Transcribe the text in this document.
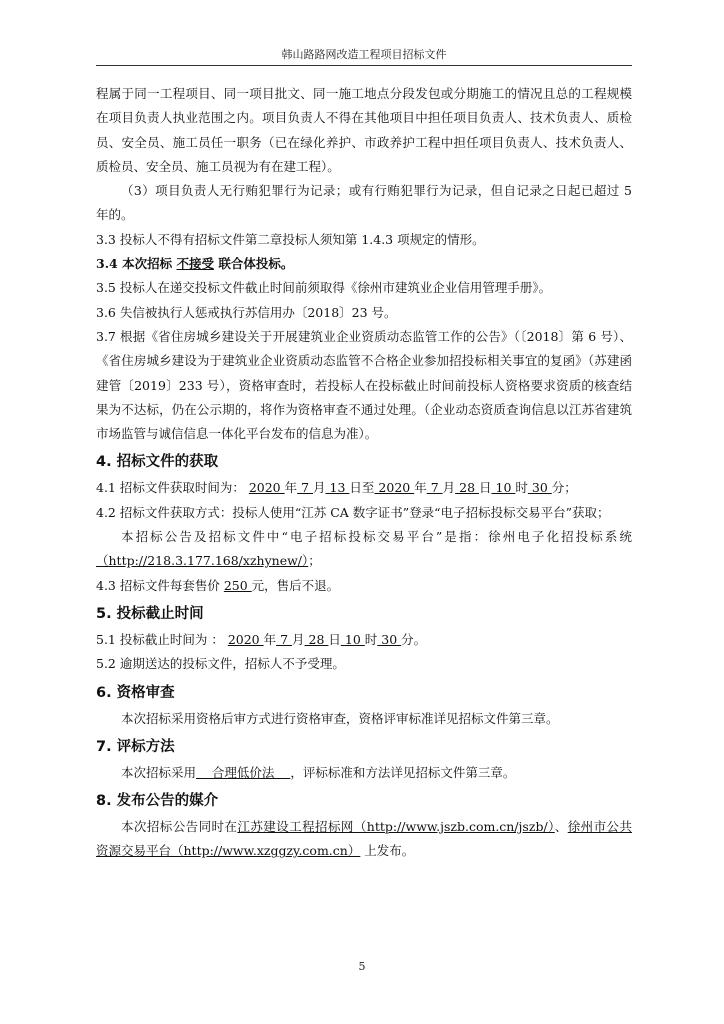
韩山路路网改造工程项目招标文件

程属于同一工程项目、同一项目批文、同一施工地点分段发包或分期施工的情况且总的工程规模在项目负责人执业范围之内。项目负责人不得在其他项目中担任项目负责人、技术负责人、质检员、安全员、施工员任一职务（已在绿化养护、市政养护工程中担任项目负责人、技术负责人、质检员、安全员、施工员视为有在建工程）。

（3）项目负责人无行贿犯罪行为记录；或有行贿犯罪行为记录，但自记录之日起已超过 5 年的。

3.3 投标人不得有招标文件第二章投标人须知第 1.4.3 项规定的情形。

3.4 本次招标 不接受 联合体投标。

3.5 投标人在递交投标文件截止时间前须取得《徐州市建筑业企业信用管理手册》。

3.6 失信被执行人惩戒执行苏信用办〔2018〕23 号。

3.7 根据《省住房城乡建设关于开展建筑业企业资质动态监管工作的公告》（〔2018〕第 6 号）、《省住房城乡建设为于建筑业企业资质动态监管不合格企业参加招投标相关事宜的复函》（苏建函建管〔2019〕233 号），资格审查时，若投标人在投标截止时间前投标人资格要求资质的核查结果为不达标，仍在公示期的，将作为资格审查不通过处理。（企业动态资质查询信息以江苏省建筑市场监管与诚信信息一体化平台发布的信息为准）。

4. 招标文件的获取

4.1 招标文件获取时间为： 2020 年 7 月 13 日至 2020 年 7 月 28 日 10 时 30 分；

4.2 招标文件获取方式：投标人使用“江苏 CA 数字证书”登录“电子招标投标交易平台”获取；

本招标公告及招标文件中“电子招标投标交易平台”是指：徐州电子化招投标系统（http://218.3.177.168/xzhynew/）；

4.3 招标文件每套售价 250 元，售后不退。

5. 投标截止时间

5.1 投标截止时间为 ： 2020 年 7 月 28 日 10 时 30 分。

5.2 逾期送达的投标文件，招标人不予受理。

6. 资格审查

本次招标采用资格后审方式进行资格审查，资格评审标准详见招标文件第三章。

7. 评标方法

本次招标采用    合理低价法    ，评标标准和方法详见招标文件第三章。

8. 发布公告的媒介

本次招标公告同时在江苏建设工程招标网（http://www.jszb.com.cn/jszb/）、徐州市公共资源交易平台（http://www.xzggzy.com.cn） 上发布。

5
